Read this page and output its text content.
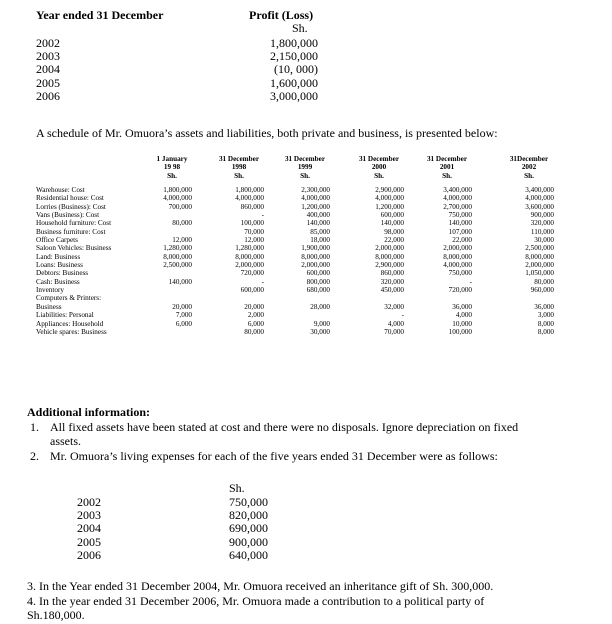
Year ended 31 December	Profit (Loss)
Sh.
2002
2003
2004
2005
2006
1,800,000
2,150,000
(10, 000)
1,600,000
3,000,000
A schedule of Mr. Omuora’s assets and liabilities, both private and business, is presented below:
1 January
19 98
Sh.
31 December
1998
Sh.
31 December
1999
Sh.
31 December
2000
Sh.
31 December
2001
Sh.
31December
2002
Sh.
Warehouse: Cost
Residential house: Cost
Lorries (Business): Cost
Vans (Business): Cost
Household furniture: Cost
Business furniture: Cost
Office Carpets
Saloon Vehicles: Business
Land: Business
Loans: Business
Debtors: Business
Cash: Business
Inventory
Computers & Printers:
Business
Liabilities: Personal
Appliances: Household
Vehicle spares: Business
1,800,000
4,000,000
700,000
80,000
12,000
1,280,000
8,000,000
2,500,000
140,000
20,000
7,000
6,000
1,800,000
4,000,000
860,000
-
100,000
70,000
12,000
1,280,000
8,000,000
2,000,000
720,000
-
600,000
20,000
2,000
6,000
80,000
2,300,000
4,000,000
1,200,000
400,000
140,000
85,000
18,000
1,900,000
8,000,000
2,000,000
600,000
800,000
680,000
28,000
9,000
30,000
2,900,000
4,000,000
1,200,000
600,000
140,000
98,000
22,000
2,000,000
8,000,000
2,900,000
860,000
320,000
450,000
32,000
-
4,000
70,000
3,400,000
4,000,000
2,700,000
750,000
140,000
107,000
22,000
2,000,000
8,000,000
4,000,000
750,000
-
720,000
36,000
4,000
10,000
100,000
3,400,000
4,000,000
3,600,000
900,000
320,000
110,000
30,000
2,500,000
8,000,000
2,000,000
1,050,000
80,000
960,000
36,000
3,000
8,000
8,000
Additional information:
1. All fixed assets have been stated at cost and there were no disposals. Ignore depreciation on fixed
assets.
2. Mr. Omuora’s living expenses for each of the five years ended 31 December were as follows:
Sh.
2002
2003
2004
2005
2006
750,000
820,000
690,000
900,000
640,000
3. In the Year ended 31 December 2004, Mr. Omuora received an inheritance gift of Sh. 300,000.
4. In the year ended 31 December 2006, Mr. Omuora made a contribution to a political party of
Sh.180,000.
